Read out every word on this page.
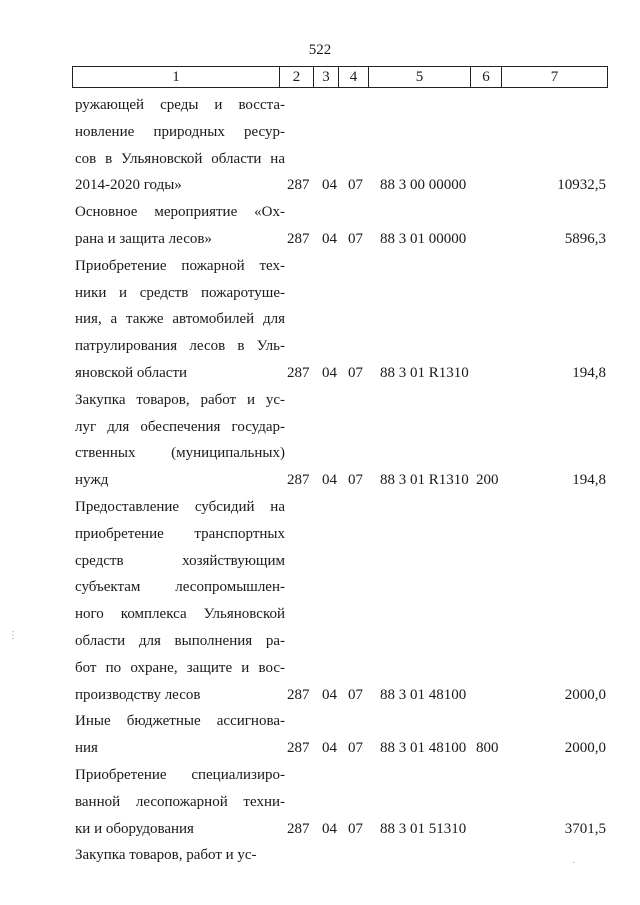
522
1	2	3	4	5	6	7
ружающей среды и восста-
новление природных ресур-
сов в Ульяновской области на
2014-2020 годы»	287 04 07 88 3 00 00000	10932,5
Основное мероприятие «Ох-
рана и защита лесов»	287 04 07 88 3 01 00000	5896,3
Приобретение пожарной тех-
ники и средств пожаротуше-
ния, а также автомобилей для
патрулирования лесов в Уль-
яновской области	287 04 07 88 3 01 R1310	194,8
Закупка товаров, работ и ус-
луг для обеспечения государ-
ственных (муниципальных)
нужд	287 04 07 88 3 01 R1310 200	194,8
Предоставление субсидий на
приобретение транспортных
средств хозяйствующим
субъектам лесопромышлен-
ного комплекса Ульяновской
области для выполнения ра-
бот по охране, защите и вос-
производству лесов	287 04 07 88 3 01 48100	2000,0
Иные бюджетные ассигнова-
ния	287 04 07 88 3 01 48100 800	2000,0
Приобретение специализиро-
ванной лесопожарной техни-
ки и оборудования	287 04 07 88 3 01 51310	3701,5
Закупка товаров, работ и ус-
⋮
·
